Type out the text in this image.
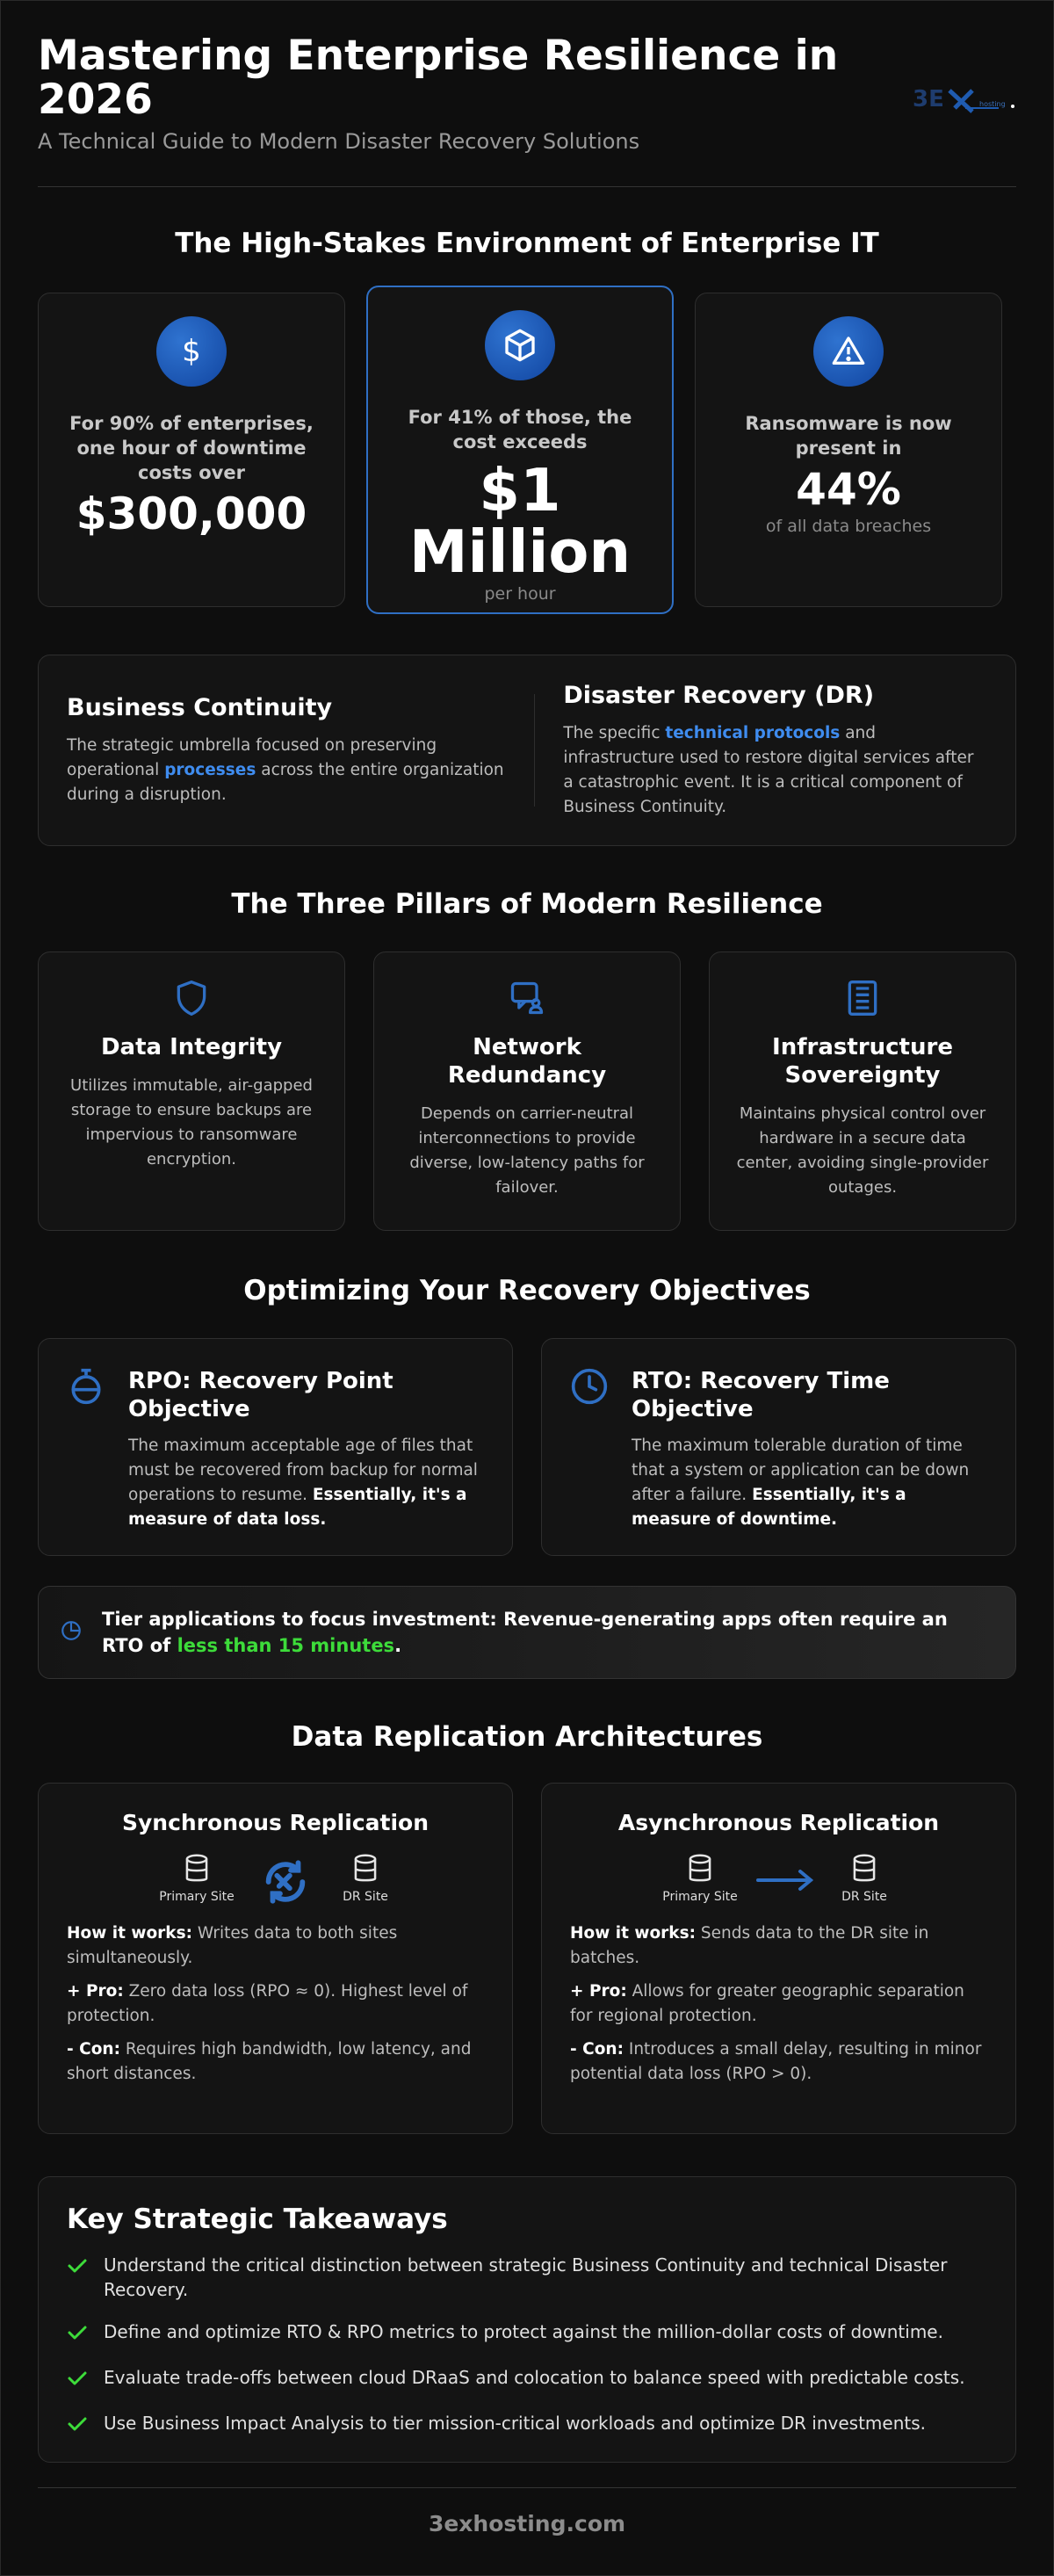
Mastering Enterprise Resilience in 2026
A Technical Guide to Modern Disaster Recovery Solutions
3E	hosting
The High-Stakes Environment of Enterprise IT
$
For 90% of enterprises, one hour of downtime costs over
$300,000
For 41% of those, the cost exceeds
$1 Million
per hour
Ransomware is now present in
44%
of all data breaches
Business Continuity
The strategic umbrella focused on preserving operational processes across the entire organization during a disruption.
Disaster Recovery (DR)
The specific technical protocols and infrastructure used to restore digital services after a catastrophic event. It is a critical component of Business Continuity.
The Three Pillars of Modern Resilience
Data Integrity
Utilizes immutable, air-gapped storage to ensure backups are impervious to ransomware encryption.
Network Redundancy
Depends on carrier-neutral interconnections to provide diverse, low-latency paths for failover.
Infrastructure Sovereignty
Maintains physical control over hardware in a secure data center, avoiding single-provider outages.
Optimizing Your Recovery Objectives
RPO: Recovery Point Objective
The maximum acceptable age of files that must be recovered from backup for normal operations to resume. Essentially, it's a measure of data loss.
RTO: Recovery Time Objective
The maximum tolerable duration of time that a system or application can be down after a failure. Essentially, it's a measure of downtime.
Tier applications to focus investment: Revenue-generating apps often require an RTO of less than 15 minutes.
Data Replication Architectures
Synchronous Replication
Primary Site	DR Site
How it works: Writes data to both sites simultaneously.
+ Pro: Zero data loss (RPO ≈ 0). Highest level of protection.
- Con: Requires high bandwidth, low latency, and short distances.
Asynchronous Replication
Primary Site	DR Site
How it works: Sends data to the DR site in batches.
+ Pro: Allows for greater geographic separation for regional protection.
- Con: Introduces a small delay, resulting in minor potential data loss (RPO > 0).
Key Strategic Takeaways
Understand the critical distinction between strategic Business Continuity and technical Disaster Recovery.
Define and optimize RTO & RPO metrics to protect against the million-dollar costs of downtime.
Evaluate trade-offs between cloud DRaaS and colocation to balance speed with predictable costs.
Use Business Impact Analysis to tier mission-critical workloads and optimize DR investments.
3exhosting.com
